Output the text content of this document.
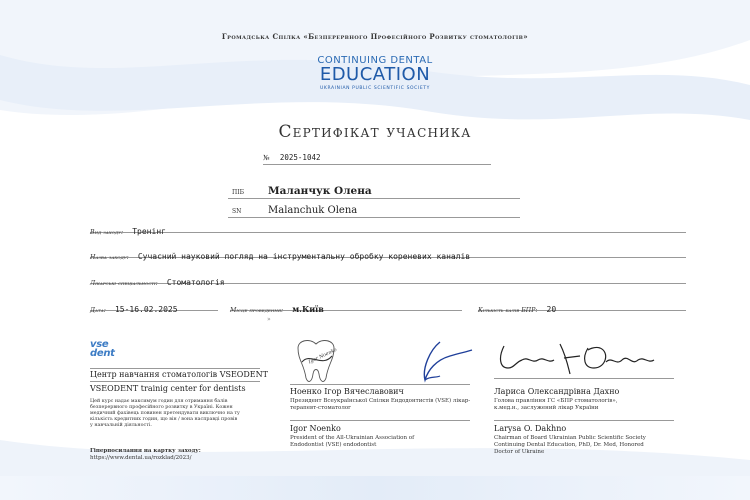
Громадська Спілка «Безперервного Професійного Розвитку стоматологів»
CONTINUING DENTAL
EDUCATION
UKRAINIAN PUBLIC SCIENTIFIC SOCIETY
Сертифікат учасника
№ 2025-1042
ПІБ Маланчук Олена
SN	Malanchuk Olena
Вид заходу: Тренінг
Назва заходу: Сучасний науковий погляд на інструментальну обробку кореневих каналів
Лікарські спеціальності: Стоматологія
Дата: 15-16.02.2025	Місце проведення: м.Київ	Кількість балів БПР: 20
»
vse
dent
Центр навчання стоматологів VSEODENT
VSEODENT trainig center for dentists
Цей курс надає максимум годин для отримання балів безперервного професійного розвитку в Україні. Кожен медичний фахівець повинен претендувати виключно на ту кількість кредитних годин, що він / вона насправді провів у навчальній діяльності.
Гіперпосилання на картку заходу:
https://www.dental.ua/rozklad/2023/
Igor Noenko
Ноенко Ігор Вячеславович
Президент Всеукраїнської Спілки Ендодонтистів (VSE) лікар-терапевт-стоматолог
Igor Noenko
President of the All-Ukrainian Association of Endodontist (VSE) endodontist
Лариса Олександрівна Дахно
Голова правління ГС «БПР стоматологів», к.мед.н., заслужений лікар України
Larysa O. Dakhno
Chairman of Board Ukrainian Public Scientific Society Continuing Dental Education, PhD, Dr. Med, Honored Doctor of Ukraine
